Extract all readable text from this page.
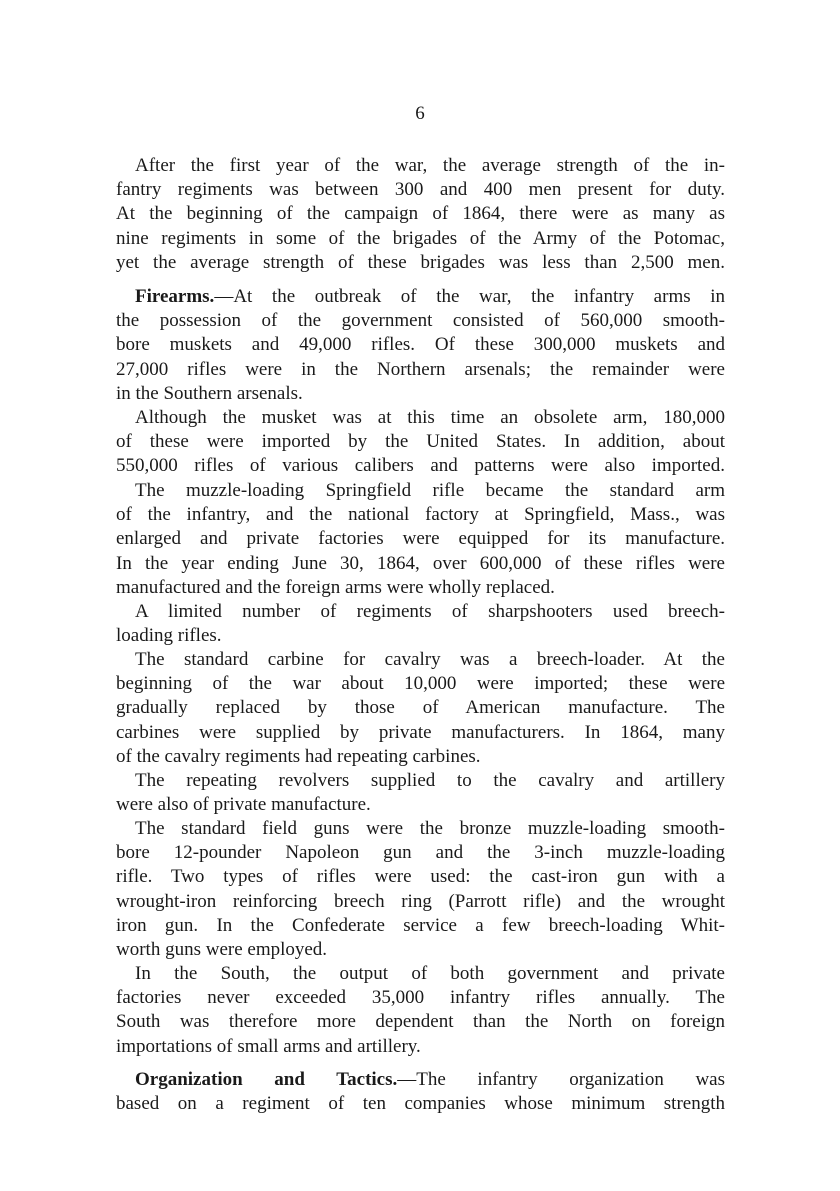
6
After the first year of the war, the average strength of the in-
fantry regiments was between 300 and 400 men present for duty.
At the beginning of the campaign of 1864, there were as many as
nine regiments in some of the brigades of the Army of the Potomac,
yet the average strength of these brigades was less than 2,500 men.
Firearms.—At the outbreak of the war, the infantry arms in
the possession of the government consisted of 560,000 smooth-
bore muskets and 49,000 rifles. Of these 300,000 muskets and
27,000 rifles were in the Northern arsenals; the remainder were
in the Southern arsenals.
Although the musket was at this time an obsolete arm, 180,000
of these were imported by the United States. In addition, about
550,000 rifles of various calibers and patterns were also imported.
The muzzle-loading Springfield rifle became the standard arm
of the infantry, and the national factory at Springfield, Mass., was
enlarged and private factories were equipped for its manufacture.
In the year ending June 30, 1864, over 600,000 of these rifles were
manufactured and the foreign arms were wholly replaced.
A limited number of regiments of sharpshooters used breech-
loading rifles.
The standard carbine for cavalry was a breech-loader. At the
beginning of the war about 10,000 were imported; these were
gradually replaced by those of American manufacture. The
carbines were supplied by private manufacturers. In 1864, many
of the cavalry regiments had repeating carbines.
The repeating revolvers supplied to the cavalry and artillery
were also of private manufacture.
The standard field guns were the bronze muzzle-loading smooth-
bore 12-pounder Napoleon gun and the 3-inch muzzle-loading
rifle. Two types of rifles were used: the cast-iron gun with a
wrought-iron reinforcing breech ring (Parrott rifle) and the wrought
iron gun. In the Confederate service a few breech-loading Whit-
worth guns were employed.
In the South, the output of both government and private
factories never exceeded 35,000 infantry rifles annually. The
South was therefore more dependent than the North on foreign
importations of small arms and artillery.
Organization and Tactics.—The infantry organization was
based on a regiment of ten companies whose minimum strength
